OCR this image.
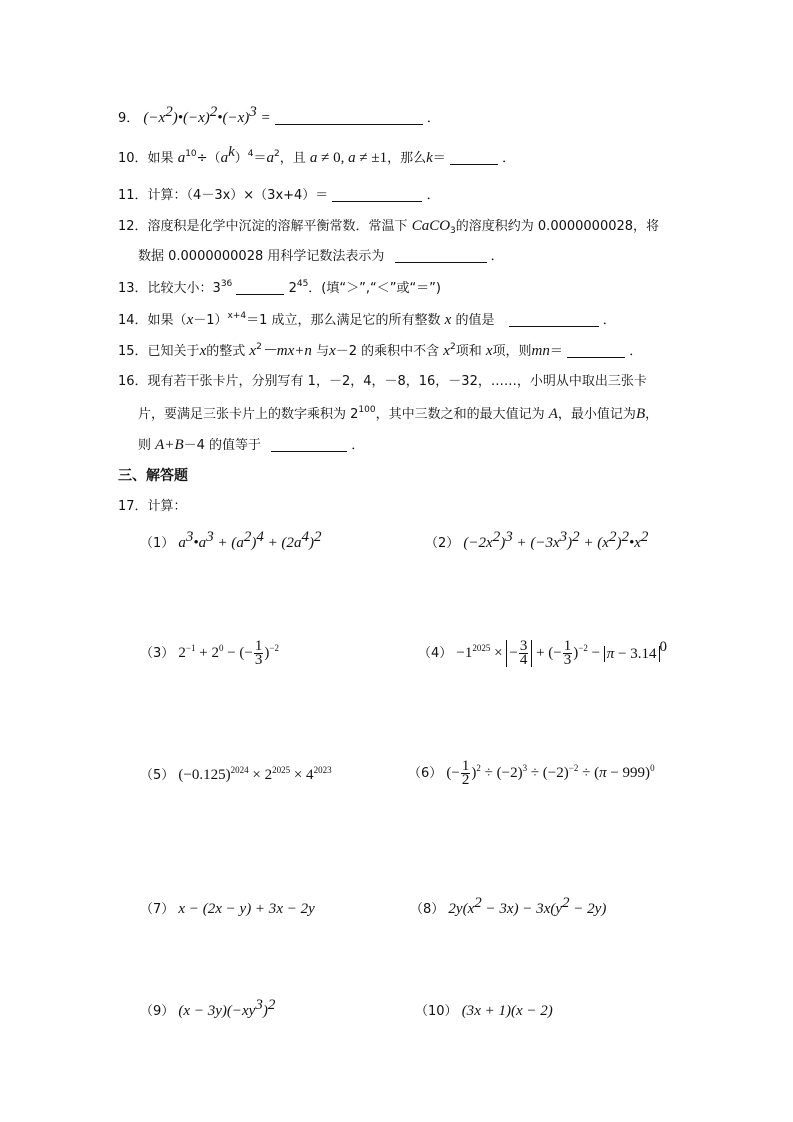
9． $(-x^2)•(-x)^2•(-x)^3$ =	．
10．如果 $a^{10}\div(a^k)^4=a^2$，且 a ≠ 0, a ≠ ±1，那么k＝	．
11．计算：（4－3x）×（3x+4）＝	．
12．溶度积是化学中沉淀的溶解平衡常数．常温下 CaCO$_3$的溶度积约为 0.0000000028，将
数据 0.0000000028 用科学记数法表示为	．
13．比较大小：$3^{36}$	$2^{45}$．(填“＞”,“＜”或“＝”)
14．如果$(x-1)^{x+4}=1$ 成立，那么满足它的所有整数 x 的值是	．
15．已知关于x的整式 $x^2-mx+n$ 与x－2 的乘积中不含 $x^2$项和 x项，则mn＝	．
16．现有若干张卡片，分别写有 1，－2，4，－8，16，－32，……，小明从中取出三张卡
片，要满足三张卡片上的数字乘积为 $2^{100}$，其中三数之和的最大值记为 A，最小值记为B，
则 A+B－4 的值等于	．
三、解答题
17．计算：
（1） $a^3•a^3 + (a^2)^4 + (2a^4)^2$	（2） $(-2x^2)^3 + (-3x^3)^2$ + $(x^2)^2•x^2$
（3） $2^{-1} + 2^0$ − (− $\frac{1}{3} )^{-2}$	$(4) -1^{2025}$ × − $\frac{3}{4}$ + (− $\frac{1}{3} )^{-2} - \pi - 3.14$ $^0$
（5） $(-0.125)^{2024} \times 2^{2025} \times 4^{2023}$	（6） (− $\frac{1}{2} )^2 \div (-2)^3 \div (-2)^{-2} \div (\pi - 999)^0$
（7） x − (2x − y) + 3x − 2y	（8） $2y(x^2 - 3x) - 3x(y^2 - 2y)$
（9） $(x - 3y)(-xy^3)^2$	（10） (3x + 1)(x − 2)
